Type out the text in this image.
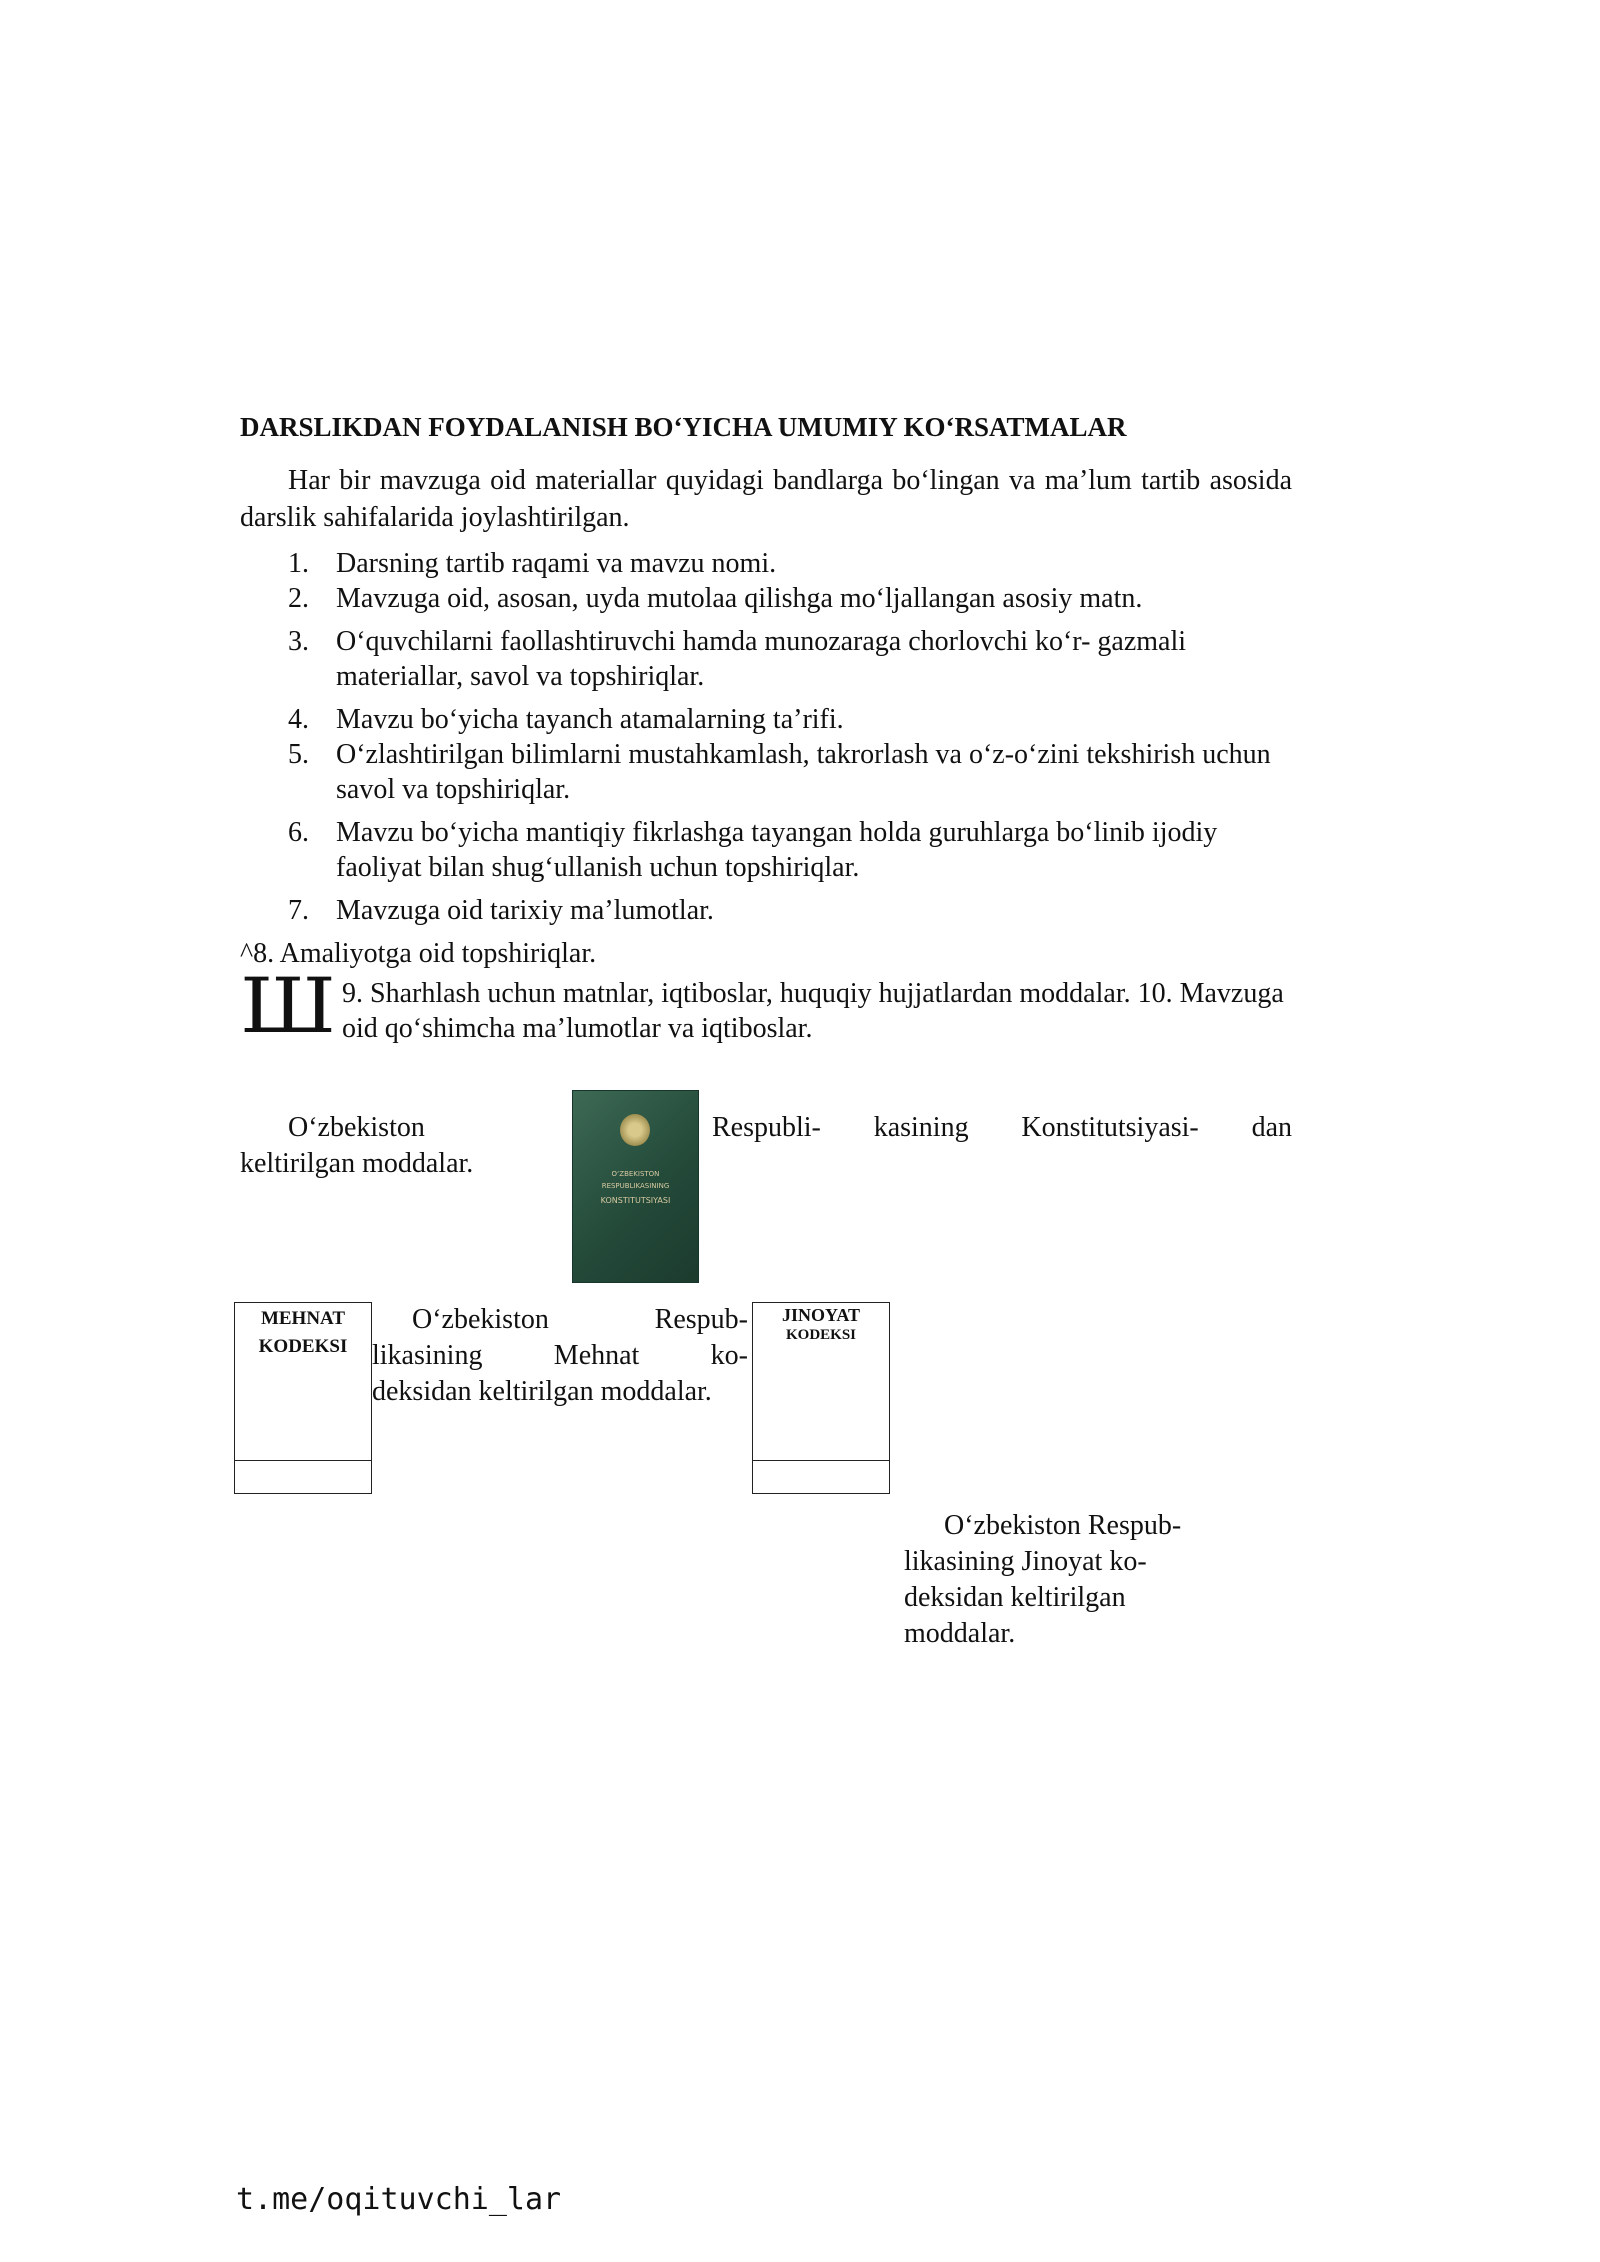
DARSLIKDAN FOYDALANISH BO‘YICHA UMUMIY KO‘RSATMALAR
Har bir mavzuga oid materiallar quyidagi bandlarga bo‘lingan va ma’lum tartib asosida darslik sahifalarida joylashtirilgan.
1. Darsning tartib raqami va mavzu nomi.
2. Mavzuga oid, asosan, uyda mutolaa qilishga mo‘ljallangan asosiy matn.
3. O‘quvchilarni faollashtiruvchi hamda munozaraga chorlovchi ko‘r- gazmali materiallar, savol va topshiriqlar.
4. Mavzu bo‘yicha tayanch atamalarning ta’rifi.
5. O‘zlashtirilgan bilimlarni mustahkamlash, takrorlash va o‘z-o‘zini tekshirish uchun savol va topshiriqlar.
6. Mavzu bo‘yicha mantiqiy fikrlashga tayangan holda guruhlarga bo‘linib ijodiy faoliyat bilan shug‘ullanish uchun topshiriqlar.
7. Mavzuga oid tarixiy ma’lumotlar.
^8. Amaliyotga oid topshiriqlar.
Ш 9. Sharhlash uchun matnlar, iqtiboslar, huquqiy hujjatlardan moddalar. 10. Mavzuga oid qo‘shimcha ma’lumotlar va iqtiboslar.
O‘zbekiston
keltirilgan moddalar.	O‘ZBEKISTON
RESPUBLIKASINING
KONSTITUTSIYASI
Respubli- kasining Konstitutsiyasi- dan
MEHNAT
KODEKSI
O‘zbekiston	Respub-
likasining	Mehnat	ko-
deksidan keltirilgan moddalar.
JINOYAT
KODEKSI
O‘zbekiston Respub-
likasining Jinoyat ko-
deksidan keltirilgan
moddalar.
t.me/oqituvchi_lar
